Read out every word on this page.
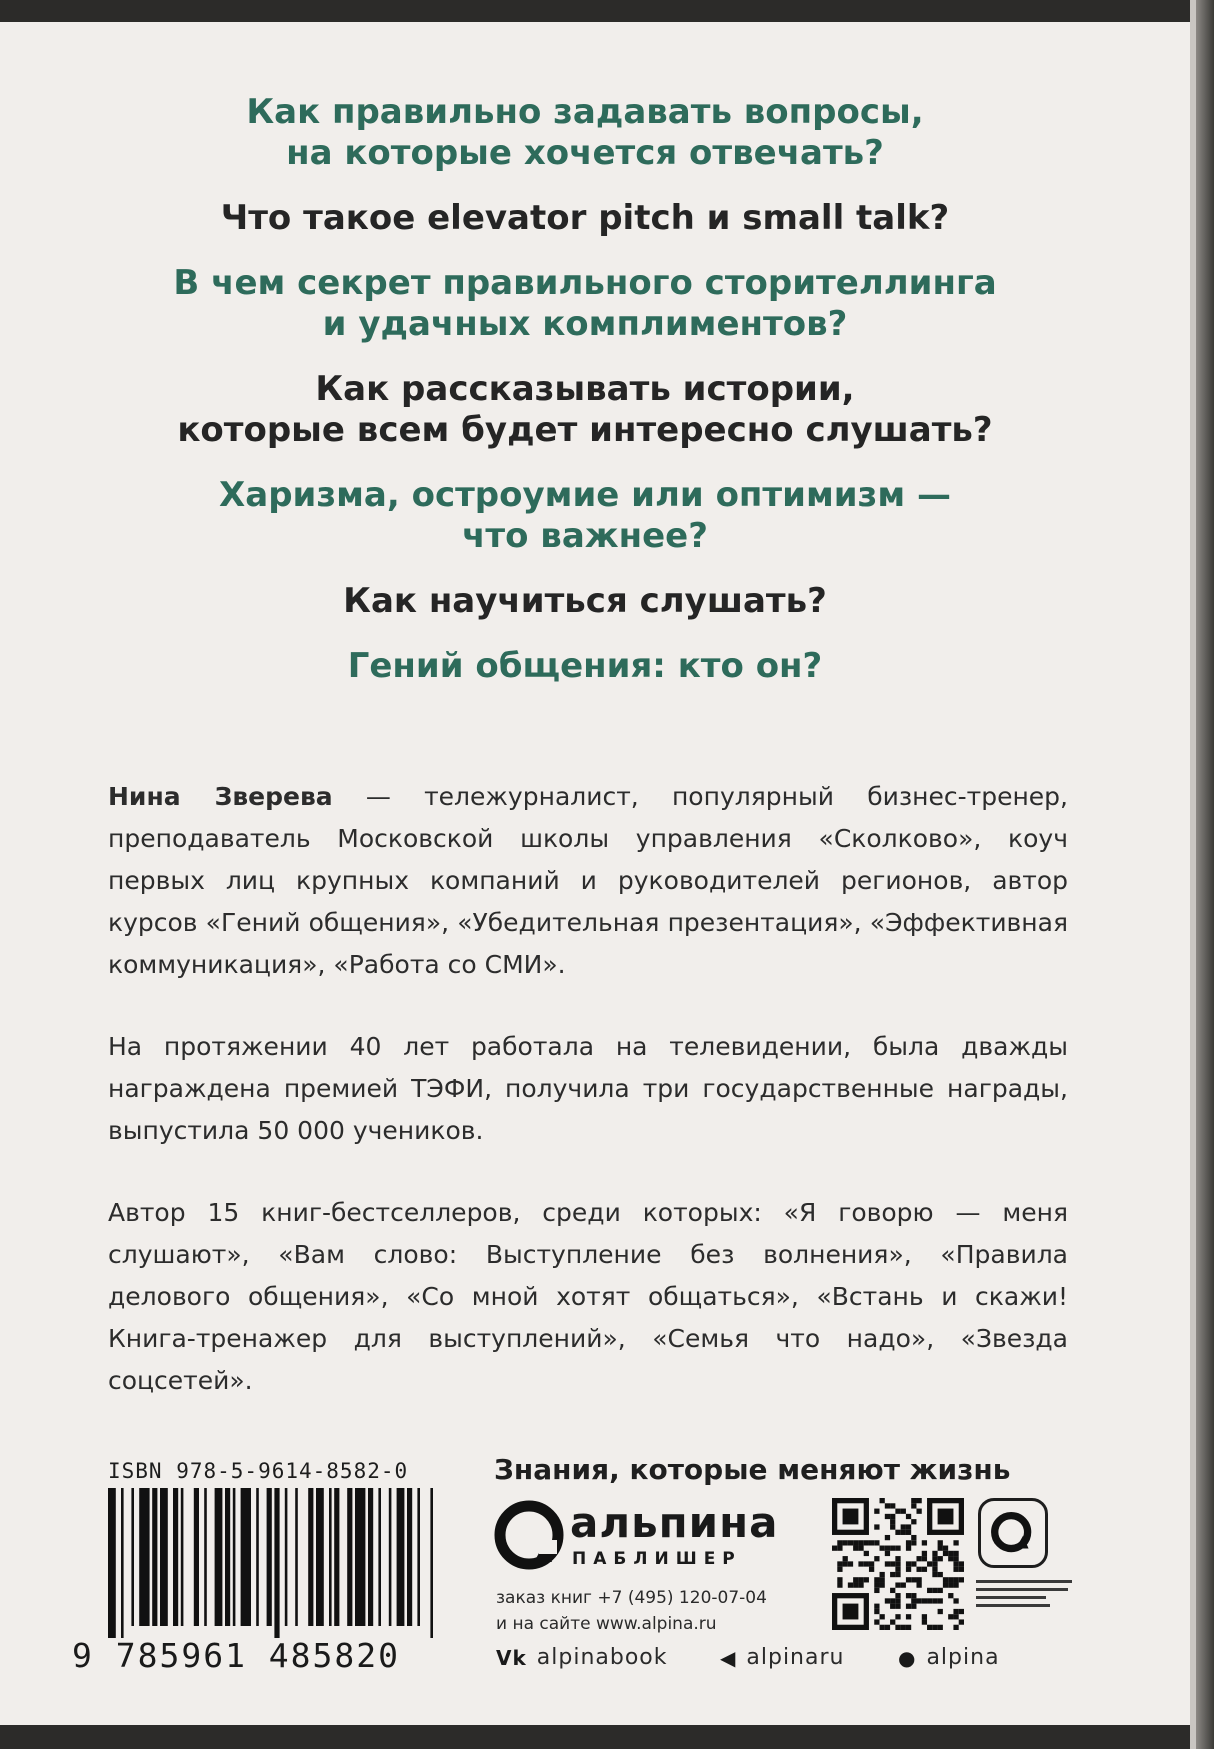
Как правильно задавать вопросы,
на которые хочется отвечать?

Что такое elevator pitch и small talk?

В чем секрет правильного сторителлинга
и удачных комплиментов?

Как рассказывать истории,
которые всем будет интересно слушать?

Харизма, остроумие или оптимизм —
что важнее?

Как научиться слушать?

Гений общения: кто он?

Нина Зверева — тележурналист, популярный бизнес-тренер, преподаватель Московской школы управления «Сколково», коуч первых лиц крупных компаний и руководителей регионов, автор курсов «Гений общения», «Убедительная презентация», «Эффективная коммуникация», «Работа со СМИ».

На протяжении 40 лет работала на телевидении, была дважды награждена премией ТЭФИ, получила три государственные награды, выпустила 50 000 учеников.

Автор 15 книг-бестселлеров, среди которых: «Я говорю — меня слушают», «Вам слово: Выступление без волнения», «Правила делового общения», «Со мной хотят общаться», «Встань и скажи! Книга-тренажер для выступлений», «Семья что надо», «Звезда соцсетей».

ISBN 978-5-9614-8582-0
9 785961 485820
Знания, которые меняют жизнь
альпина
ПАБЛИШЕР
заказ книг +7 (495) 120-07-04
и на сайте www.alpina.ru
Vk alpinabook	◀ alpinaru	● alpina
